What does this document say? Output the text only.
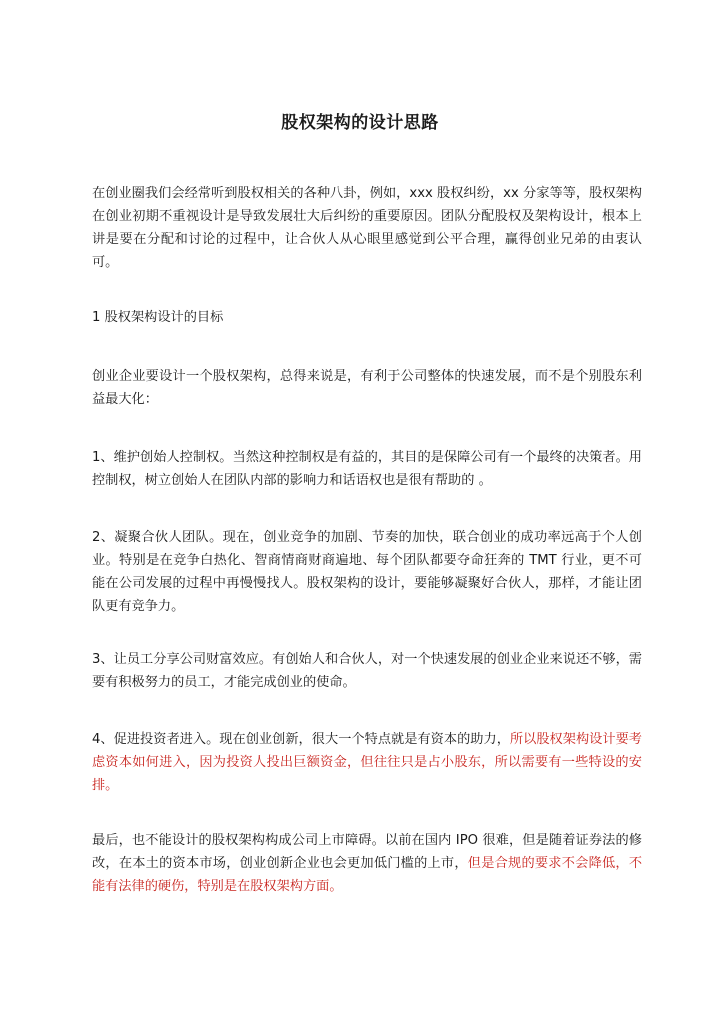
股权架构的设计思路

在创业圈我们会经常听到股权相关的各种八卦，例如，xxx 股权纠纷，xx 分家等等，股权架构在创业初期不重视设计是导致发展壮大后纠纷的重要原因。团队分配股权及架构设计，根本上讲是要在分配和讨论的过程中，让合伙人从心眼里感觉到公平合理，赢得创业兄弟的由衷认可。

1 股权架构设计的目标

创业企业要设计一个股权架构，总得来说是，有利于公司整体的快速发展，而不是个别股东利益最大化：

1、维护创始人控制权。当然这种控制权是有益的，其目的是保障公司有一个最终的决策者。用控制权，树立创始人在团队内部的影响力和话语权也是很有帮助的 。

2、凝聚合伙人团队。现在，创业竞争的加剧、节奏的加快，联合创业的成功率远高于个人创业。特别是在竞争白热化、智商情商财商遍地、每个团队都要夺命狂奔的 TMT 行业，更不可能在公司发展的过程中再慢慢找人。股权架构的设计，要能够凝聚好合伙人，那样，才能让团队更有竞争力。

3、让员工分享公司财富效应。有创始人和合伙人，对一个快速发展的创业企业来说还不够，需要有积极努力的员工，才能完成创业的使命。

4、促进投资者进入。现在创业创新，很大一个特点就是有资本的助力，所以股权架构设计要考虑资本如何进入，因为投资人投出巨额资金，但往往只是占小股东，所以需要有一些特设的安排。

最后，也不能设计的股权架构构成公司上市障碍。以前在国内 IPO 很难，但是随着证券法的修改，在本土的资本市场，创业创新企业也会更加低门槛的上市，但是合规的要求不会降低，不能有法律的硬伤，特别是在股权架构方面。
